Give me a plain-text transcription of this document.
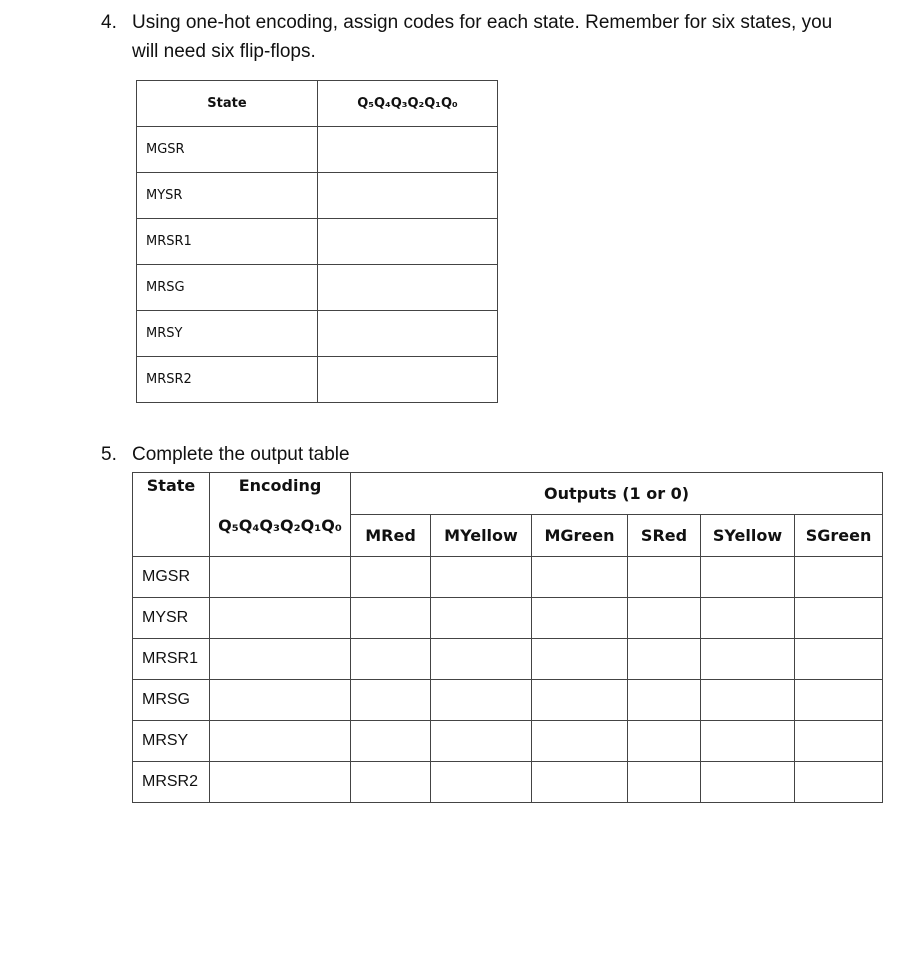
4. Using one-hot encoding, assign codes for each state. Remember for six states, you
will need six flip-flops.
State	Q₅Q₄Q₃Q₂Q₁Q₀
MGSR	
MYSR	
MRSR1	
MRSG	
MRSY	
MRSR2	
5. Complete the output table
State	Encoding	Outputs (1 or 0)					
	Q₅Q₄Q₃Q₂Q₁Q₀	MRed	MYellow	MGreen	SRed	SYellow	SGreen
MGSR							
MYSR							
MRSR1							
MRSG							
MRSY							
MRSR2							
